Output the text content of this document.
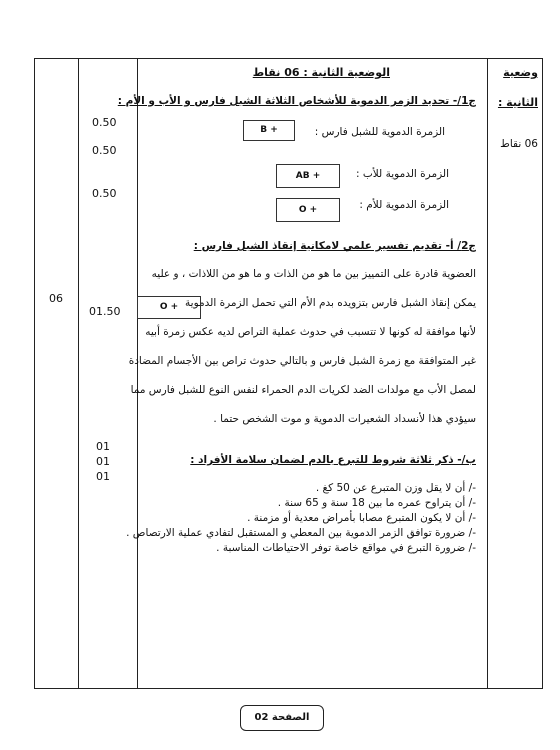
وضعية
الثانية :
06 نقاط
الوضعية الثانية : 06 نقاط
ج1/- تحديد الزمر الدموية للأشخاص الثلاثة الشبل فارس و الأب و الأم :
الزمرة الدموية للشبل فارس :
B +
الزمرة الدموية للأب :
AB +
الزمرة الدموية للأم :
O +
ج2/ أ- تقديم تفسير علمي لامكانية إنقاذ الشبل فارس :
العضوية قادرة على التمييز بين ما هو من الذات و ما هو من اللاذات ، و عليه
يمكن إنقاذ الشبل فارس بتزويده بدم الأم التي تحمل الزمرة الدموية
O +
لأنها موافقة له كونها لا تتسبب في حدوث عملية التراص لديه عكس زمرة أبيه
غير المتوافقة مع زمرة الشبل فارس و بالتالي حدوث تراص بين الأجسام المضادة
لمصل الأب مع مولدات الضد لكريات الدم الحمراء لنفس النوع للشبل فارس مما
سيؤدي هذا لأنسداد الشعيرات الدموية و موت الشخص حتما .
ب/- ذكر ثلاثة شروط للتبرع بالدم لضمان سلامة الأفراد :
-/ أن لا يقل وزن المتبرع عن 50 كغ .
-/ أن يتراوح عمره ما بين 18 سنة و 65 سنة .
-/ أن لا يكون المتبرع مصابا بأمراض معدية أو مزمنة .
-/ ضرورة توافق الزمر الدموية بين المعطي و المستقبل لتفادي عملية الارتصاص .
-/ ضرورة التبرع في مواقع خاصة توفر الاحتياطات المناسبة .
0.50
0.50
0.50
01.50
01
01
01
06
الصفحة 02
